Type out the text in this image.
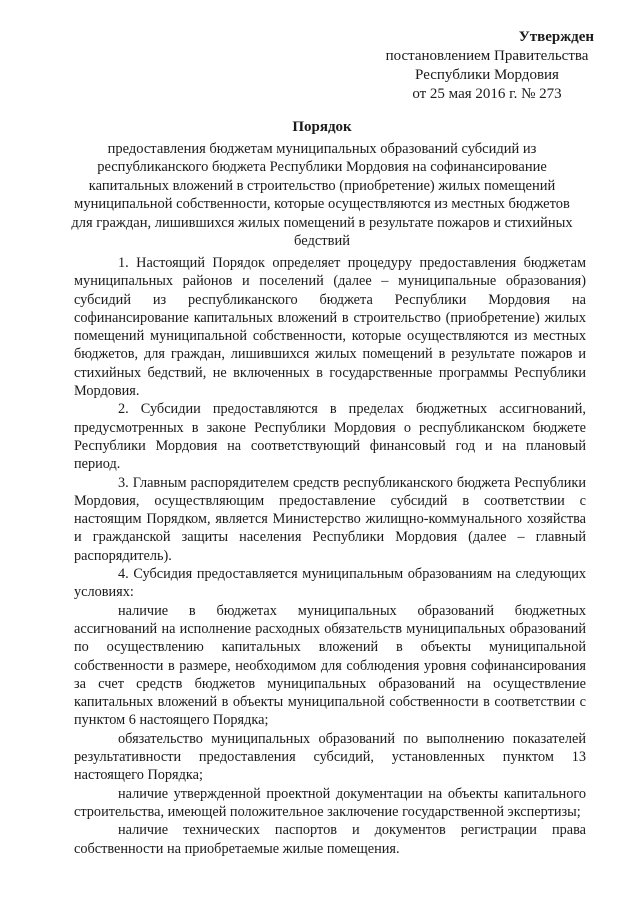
Утвержден
постановлением Правительства
Республики Мордовия
от 25 мая 2016 г. № 273
Порядок
предоставления бюджетам муниципальных образований субсидий из республиканского бюджета Республики Мордовия на софинансирование капитальных вложений в строительство (приобретение) жилых помещений муниципальной собственности, которые осуществляются из местных бюджетов для граждан, лишившихся жилых помещений в результате пожаров и стихийных бедствий

1. Настоящий Порядок определяет процедуру предоставления бюджетам муниципальных районов и поселений (далее – муниципальные образования) субсидий из республиканского бюджета Республики Мордовия на софинансирование капитальных вложений в строительство (приобретение) жилых помещений муниципальной собственности, которые осуществляются из местных бюджетов, для граждан, лишившихся жилых помещений в результате пожаров и стихийных бедствий, не включенных в государственные программы Республики Мордовия.

2. Субсидии предоставляются в пределах бюджетных ассигнований, предусмотренных в законе Республики Мордовия о республиканском бюджете Республики Мордовия на соответствующий финансовый год и на плановый период.

3. Главным распорядителем средств республиканского бюджета Республики Мордовия, осуществляющим предоставление субсидий в соответствии с настоящим Порядком, является Министерство жилищно-коммунального хозяйства и гражданской защиты населения Республики Мордовия (далее – главный распорядитель).

4. Субсидия предоставляется муниципальным образованиям на следующих условиях:

наличие в бюджетах муниципальных образований бюджетных ассигнований на исполнение расходных обязательств муниципальных образований по осуществлению капитальных вложений в объекты муниципальной собственности в размере, необходимом для соблюдения уровня софинансирования за счет средств бюджетов муниципальных образований на осуществление капитальных вложений в объекты муниципальной собственности в соответствии с пунктом 6 настоящего Порядка;

обязательство муниципальных образований по выполнению показателей результативности предоставления субсидий, установленных пунктом 13 настоящего Порядка;

наличие утвержденной проектной документации на объекты капитального строительства, имеющей положительное заключение государственной экспертизы;

наличие технических паспортов и документов регистрации права собственности на приобретаемые жилые помещения.
